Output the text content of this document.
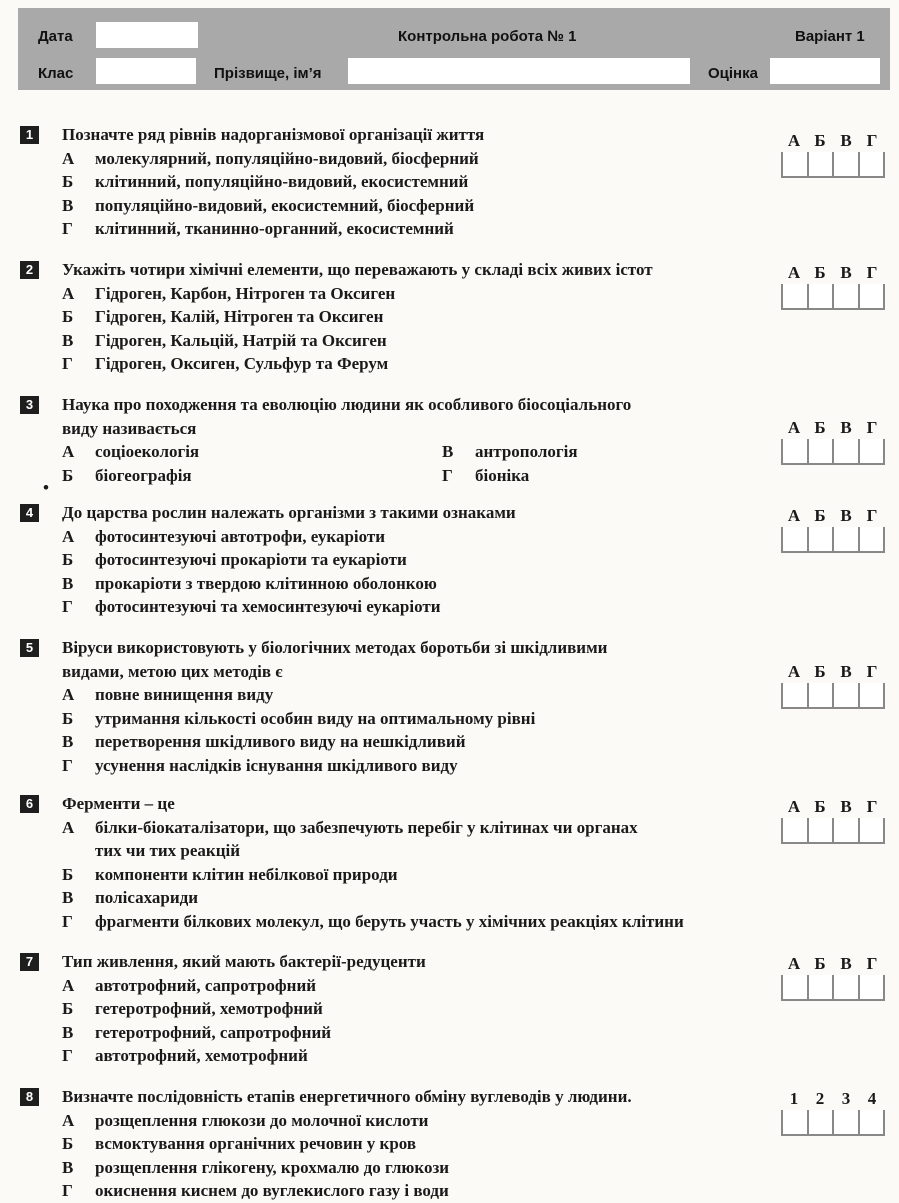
Дата	Контрольна робота № 1	Варіант 1
Клас	Прізвище, ім’я	Оцінка
1	Позначте ряд рівнів надорганізмової організації життя
А молекулярний, популяційно-видовий, біосферний
Б клітинний, популяційно-видовий, екосистемний
В популяційно-видовий, екосистемний, біосферний
Г клітинний, тканинно-органний, екосистемний
А Б В Г
2	Укажіть чотири хімічні елементи, що переважають у складі всіх живих істот
А Гідроген, Карбон, Нітроген та Оксиген
Б Гідроген, Калій, Нітроген та Оксиген
В Гідроген, Кальцій, Натрій та Оксиген
Г Гідроген, Оксиген, Сульфур та Ферум
А Б В Г
3	Наука про походження та еволюцію людини як особливого біосоціального
виду називається
А соціоекологія	В антропологія
Б біогеографія	Г біоніка
А Б В Г
•
4	До царства рослин належать організми з такими ознаками
А фотосинтезуючі автотрофи, еукаріоти
Б фотосинтезуючі прокаріоти та еукаріоти
В прокаріоти з твердою клітинною оболонкою
Г фотосинтезуючі та хемосинтезуючі еукаріоти
А Б В Г
5	Віруси використовують у біологічних методах боротьби зі шкідливими
видами, метою цих методів є
А повне винищення виду
Б утримання кількості особин виду на оптимальному рівні
В перетворення шкідливого виду на нешкідливий
Г усунення наслідків існування шкідливого виду
А Б В Г
6	Ферменти – це
А білки-біокаталізатори, що забезпечують перебіг у клітинах чи органах
тих чи тих реакцій
Б компоненти клітин небілкової природи
В полісахариди
Г фрагменти білкових молекул, що беруть участь у хімічних реакціях клітини
А Б В Г
7	Тип живлення, який мають бактерії-редуценти
А автотрофний, сапротрофний
Б гетеротрофний, хемотрофний
В гетеротрофний, сапротрофний
Г автотрофний, хемотрофний
А Б В Г
8	Визначте послідовність етапів енергетичного обміну вуглеводів у людини.
А розщеплення глюкози до молочної кислоти
Б всмоктування органічних речовин у кров
В розщеплення глікогену, крохмалю до глюкози
Г окиснення киснем до вуглекислого газу і води
1	2	3	4
